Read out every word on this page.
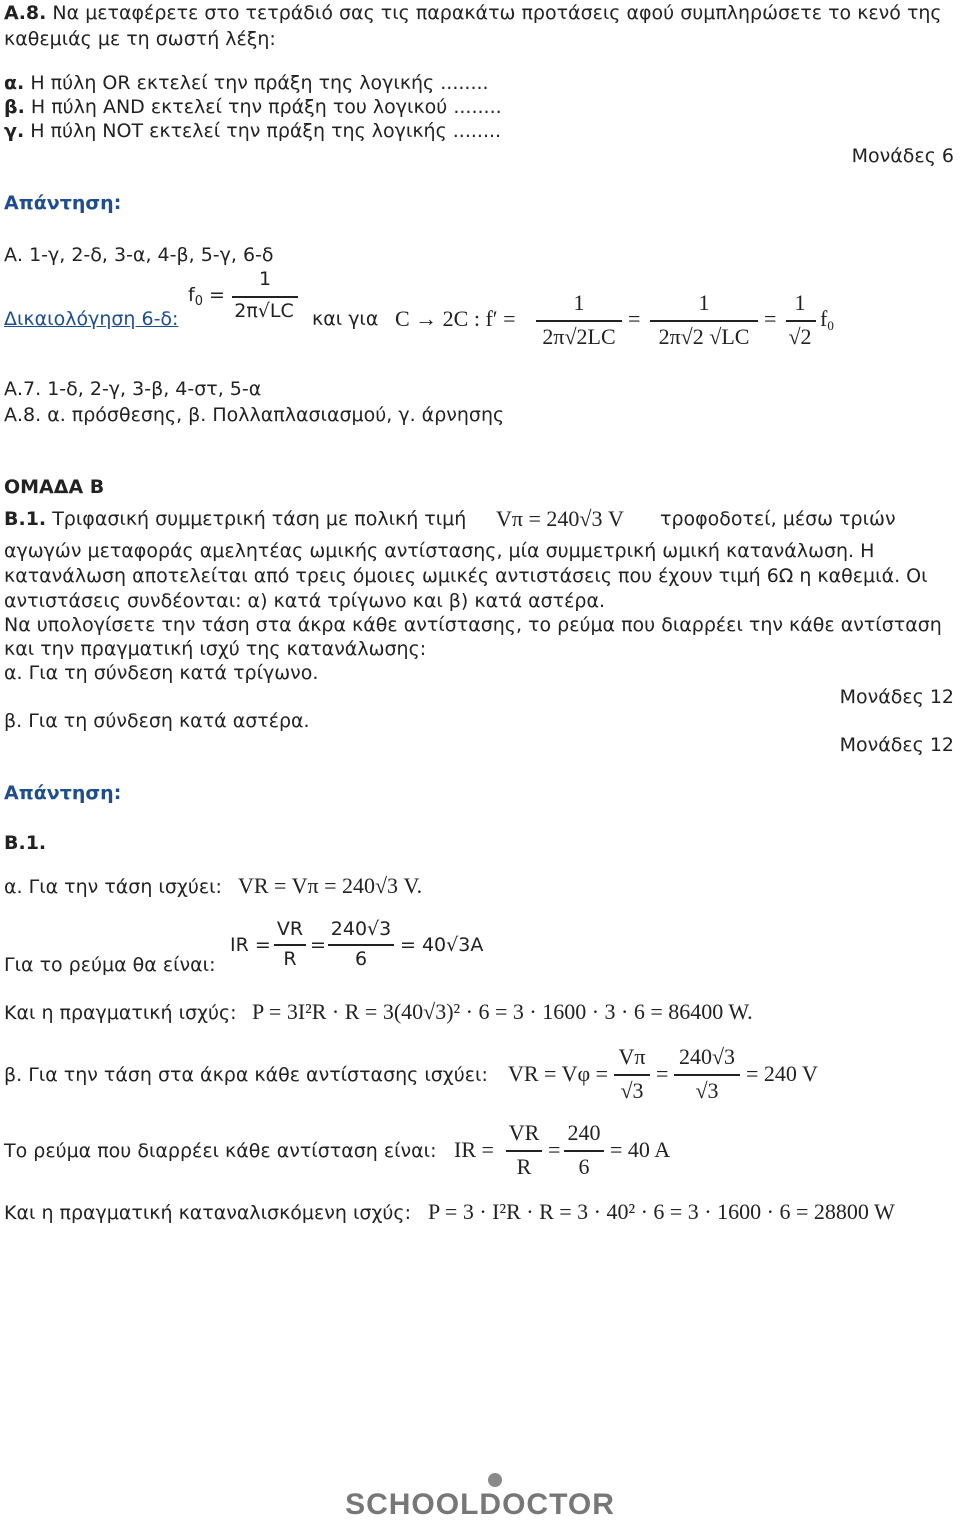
Α.8. Να μεταφέρετε στο τετράδιό σας τις παρακάτω προτάσεις αφού συμπληρώσετε το κενό της
καθεμιάς με τη σωστή λέξη:
α. Η πύλη OR εκτελεί την πράξη της λογικής ........
β. Η πύλη AND εκτελεί την πράξη του λογικού ........
γ. Η πύλη NOT εκτελεί την πράξη της λογικής ........
Μονάδες 6
Απάντηση:
Α. 1-γ, 2-δ, 3-α, 4-β, 5-γ, 6-δ
Δικαιολόγηση 6-δ:
$f_0$ =
1
2π√LC και για C → 2C : f′ =
1
2π√2LC
=
1
2π√2 √LC
=
1
√2
$f_0$
Α.7. 1-δ, 2-γ, 3-β, 4-στ, 5-α
Α.8. α. πρόσθεσης, β. Πολλαπλασιασμού, γ. άρνησης
ΟΜΑΔΑ Β
Β.1. Τριφασική συμμετρική τάση με πολική τιμή Vπ = 240√3 V τροφοδοτεί, μέσω τριών
αγωγών μεταφοράς αμελητέας ωμικής αντίστασης, μία συμμετρική ωμική κατανάλωση. Η
κατανάλωση αποτελείται από τρεις όμοιες ωμικές αντιστάσεις που έχουν τιμή 6Ω η καθεμιά. Οι
αντιστάσεις συνδέονται: α) κατά τρίγωνο και β) κατά αστέρα.
Να υπολογίσετε την τάση στα άκρα κάθε αντίστασης, το ρεύμα που διαρρέει την κάθε αντίσταση
και την πραγματική ισχύ της κατανάλωσης:
α. Για τη σύνδεση κατά τρίγωνο.
Μονάδες 12
β. Για τη σύνδεση κατά αστέρα.
Μονάδες 12
Απάντηση:
Β.1.
α. Για την τάση ισχύει: VR = Vπ = 240√3 V.
Για το ρεύμα θα είναι:
IR =
VR
R
=
240√3
6
= 40√3A
Και η πραγματική ισχύς: P = 3I²R · R = 3(40√3)² · 6 = 3 · 1600 · 3 · 6 = 86400 W.
β. Για την τάση στα άκρα κάθε αντίστασης ισχύει: VR = Vφ =
Vπ
√3
=
240√3
√3
= 240 V
Το ρεύμα που διαρρέει κάθε αντίσταση είναι: IR =
VR
R
=
240
6
= 40 A
Και η πραγματική καταναλισκόμενη ισχύς: P = 3 · I²R · R = 3 · 40² · 6 = 3 · 1600 · 6 = 28800 W
SCHOOLDOCTOR
